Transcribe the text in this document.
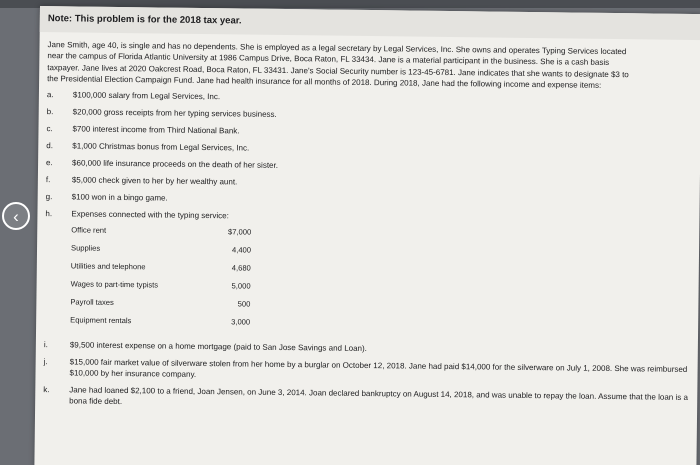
Note: This problem is for the 2018 tax year.

Jane Smith, age 40, is single and has no dependents. She is employed as a legal secretary by Legal Services, Inc. She owns and operates Typing Services located near the campus of Florida Atlantic University at 1986 Campus Drive, Boca Raton, FL 33434. Jane is a material participant in the business. She is a cash basis taxpayer. Jane lives at 2020 Oakcrest Road, Boca Raton, FL 33431. Jane's Social Security number is 123-45-6781. Jane indicates that she wants to designate $3 to the Presidential Election Campaign Fund. Jane had health insurance for all months of 2018. During 2018, Jane had the following income and expense items:

a.	$100,000 salary from Legal Services, Inc.
b.	$20,000 gross receipts from her typing services business.
c.	$700 interest income from Third National Bank.
d.	$1,000 Christmas bonus from Legal Services, Inc.
e.	$60,000 life insurance proceeds on the death of her sister.
f.	$5,000 check given to her by her wealthy aunt.
g.	$100 won in a bingo game.
h.	Expenses connected with the typing service:
Office rent	$7,000
Supplies	4,400
Utilities and telephone	4,680
Wages to part-time typists	5,000
Payroll taxes	500
Equipment rentals	3,000
i.	$9,500 interest expense on a home mortgage (paid to San Jose Savings and Loan).
j.	$15,000 fair market value of silverware stolen from her home by a burglar on October 12, 2018. Jane had paid $14,000 for the silverware on July 1, 2008. She was reimbursed $10,000 by her insurance company.
k.	Jane had loaned $2,100 to a friend, Joan Jensen, on June 3, 2014. Joan declared bankruptcy on August 14, 2018, and was unable to repay the loan. Assume that the loan is a bona fide debt.
‹
